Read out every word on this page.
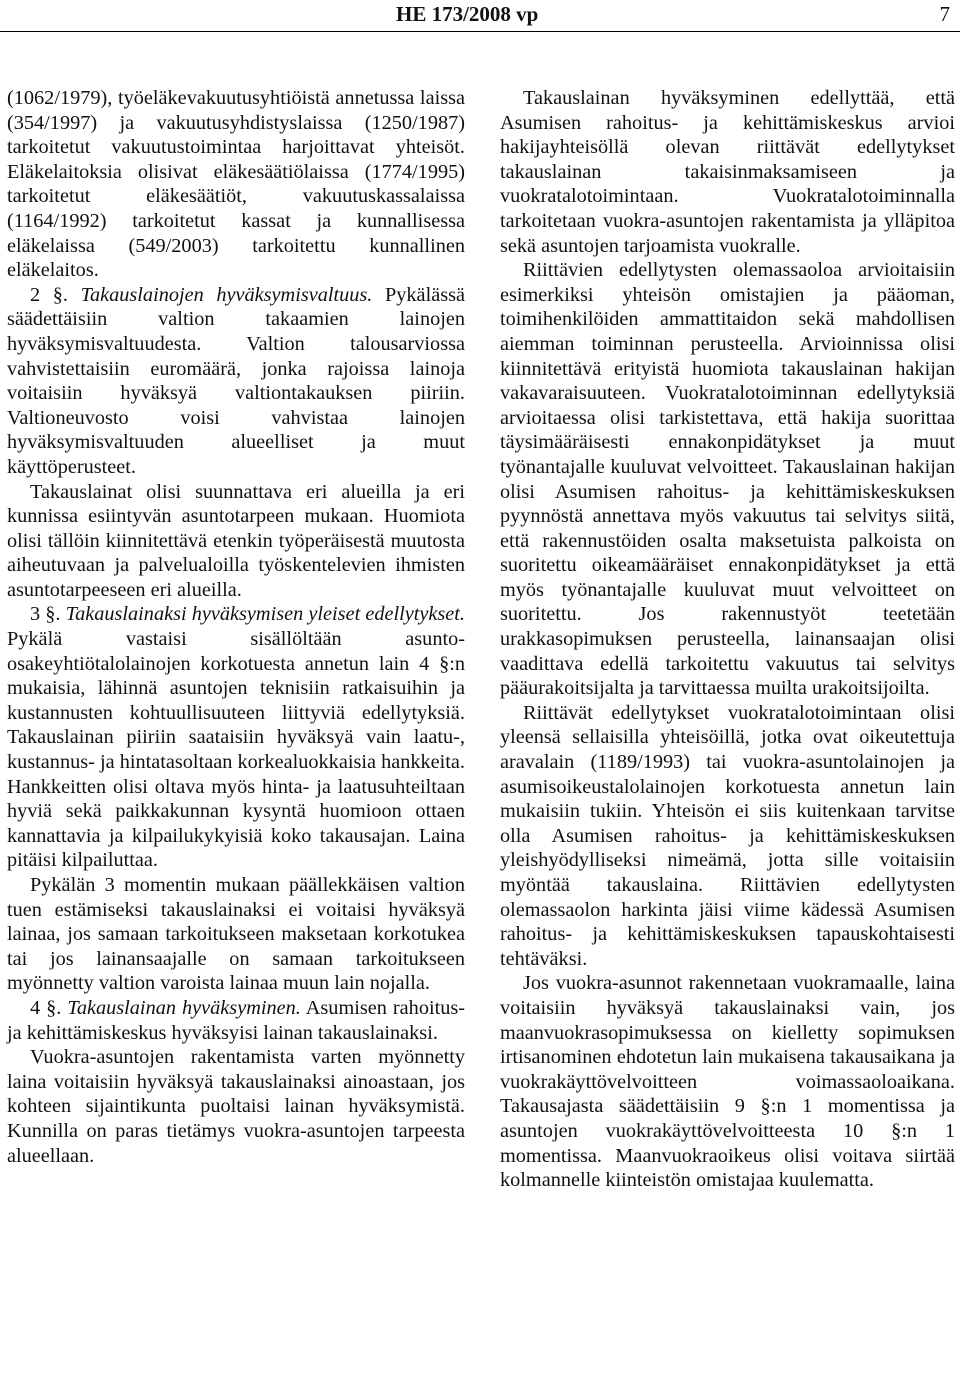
HE 173/2008 vp	7

(1062/1979), työeläkevakuutusyhtiöistä annetussa laissa (354/1997) ja vakuutusyhdistyslaissa (1250/1987) tarkoitetut vakuutustoimintaa harjoittavat yhteisöt. Eläkelaitoksia olisivat eläkesäätiölaissa (1774/1995) tarkoitetut eläkesäätiöt, vakuutuskassalaissa (1164/1992) tarkoitetut kassat ja kunnallisessa eläkelaissa (549/2003) tarkoitettu kunnallinen eläkelaitos.

2 §. Takauslainojen hyväksymisvaltuus. Pykälässä säädettäisiin valtion takaamien lainojen hyväksymisvaltuudesta. Valtion talousarviossa vahvistettaisiin euromäärä, jonka rajoissa lainoja voitaisiin hyväksyä valtiontakauksen piiriin. Valtioneuvosto voisi vahvistaa lainojen hyväksymisvaltuuden alueelliset ja muut käyttöperusteet.

Takauslainat olisi suunnattava eri alueilla ja eri kunnissa esiintyvän asuntotarpeen mukaan. Huomiota olisi tällöin kiinnitettävä etenkin työperäisestä muutosta aiheutuvaan ja palvelualoilla työskentelevien ihmisten asuntotarpeeseen eri alueilla.

3 §. Takauslainaksi hyväksymisen yleiset edellytykset. Pykälä vastaisi sisällöltään asunto-osakeyhtiötalolainojen korkotuesta annetun lain 4 §:n mukaisia, lähinnä asuntojen teknisiin ratkaisuihin ja kustannusten kohtuullisuuteen liittyviä edellytyksiä. Takauslainan piiriin saataisiin hyväksyä vain laatu-, kustannus- ja hintatasoltaan korkealuokkaisia hankkeita. Hankkeitten olisi oltava myös hinta- ja laatusuhteiltaan hyviä sekä paikkakunnan kysyntä huomioon ottaen kannattavia ja kilpailukykyisiä koko takausajan. Laina pitäisi kilpailuttaa.

Pykälän 3 momentin mukaan päällekkäisen valtion tuen estämiseksi takauslainaksi ei voitaisi hyväksyä lainaa, jos samaan tarkoitukseen maksetaan korkotukea tai jos lainansaajalle on samaan tarkoitukseen myönnetty valtion varoista lainaa muun lain nojalla.

4 §. Takauslainan hyväksyminen. Asumisen rahoitus- ja kehittämiskeskus hyväksyisi lainan takauslainaksi.

Vuokra-asuntojen rakentamista varten myönnetty laina voitaisiin hyväksyä takauslainaksi ainoastaan, jos kohteen sijaintikunta puoltaisi lainan hyväksymistä. Kunnilla on paras tietämys vuokra-asuntojen tarpeesta alueellaan.

Takauslainan hyväksyminen edellyttää, että Asumisen rahoitus- ja kehittämiskeskus arvioi hakijayhteisöllä olevan riittävät edellytykset takauslainan takaisinmaksamiseen ja vuokratalotoimintaan. Vuokratalotoiminnalla tarkoitetaan vuokra-asuntojen rakentamista ja ylläpitoa sekä asuntojen tarjoamista vuokralle.

Riittävien edellytysten olemassaoloa arvioitaisiin esimerkiksi yhteisön omistajien ja pääoman, toimihenkilöiden ammattitaidon sekä mahdollisen aiemman toiminnan perusteella. Arvioinnissa olisi kiinnitettävä erityistä huomiota takauslainan hakijan vakavaraisuuteen. Vuokratalotoiminnan edellytyksiä arvioitaessa olisi tarkistettava, että hakija suorittaa täysimääräisesti ennakonpidätykset ja muut työnantajalle kuuluvat velvoitteet. Takauslainan hakijan olisi Asumisen rahoitus- ja kehittämiskeskuksen pyynnöstä annettava myös vakuutus tai selvitys siitä, että rakennustöiden osalta maksetuista palkoista on suoritettu oikeamääräiset ennakonpidätykset ja että myös työnantajalle kuuluvat muut velvoitteet on suoritettu. Jos rakennustyöt teetetään urakkasopimuksen perusteella, lainansaajan olisi vaadittava edellä tarkoitettu vakuutus tai selvitys pääurakoitsijalta ja tarvittaessa muilta urakoitsijoilta.

Riittävät edellytykset vuokratalotoimintaan olisi yleensä sellaisilla yhteisöillä, jotka ovat oikeutettuja aravalain (1189/1993) tai vuokra-asuntolainojen ja asumisoikeustalolainojen korkotuesta annetun lain mukaisiin tukiin. Yhteisön ei siis kuitenkaan tarvitse olla Asumisen rahoitus- ja kehittämiskeskuksen yleishyödylliseksi nimeämä, jotta sille voitaisiin myöntää takauslaina. Riittävien edellytysten olemassaolon harkinta jäisi viime kädessä Asumisen rahoitus- ja kehittämiskeskuksen tapauskohtaisesti tehtäväksi.

Jos vuokra-asunnot rakennetaan vuokramaalle, laina voitaisiin hyväksyä takauslainaksi vain, jos maanvuokrasopimuksessa on kielletty sopimuksen irtisanominen ehdotetun lain mukaisena takausaikana ja vuokrakäyttövelvoitteen voimassaoloaikana. Takausajasta säädettäisiin 9 §:n 1 momentissa ja asuntojen vuokrakäyttövelvoitteesta 10 §:n 1 momentissa. Maanvuokraoikeus olisi voitava siirtää kolmannelle kiinteistön omistajaa kuulematta.
